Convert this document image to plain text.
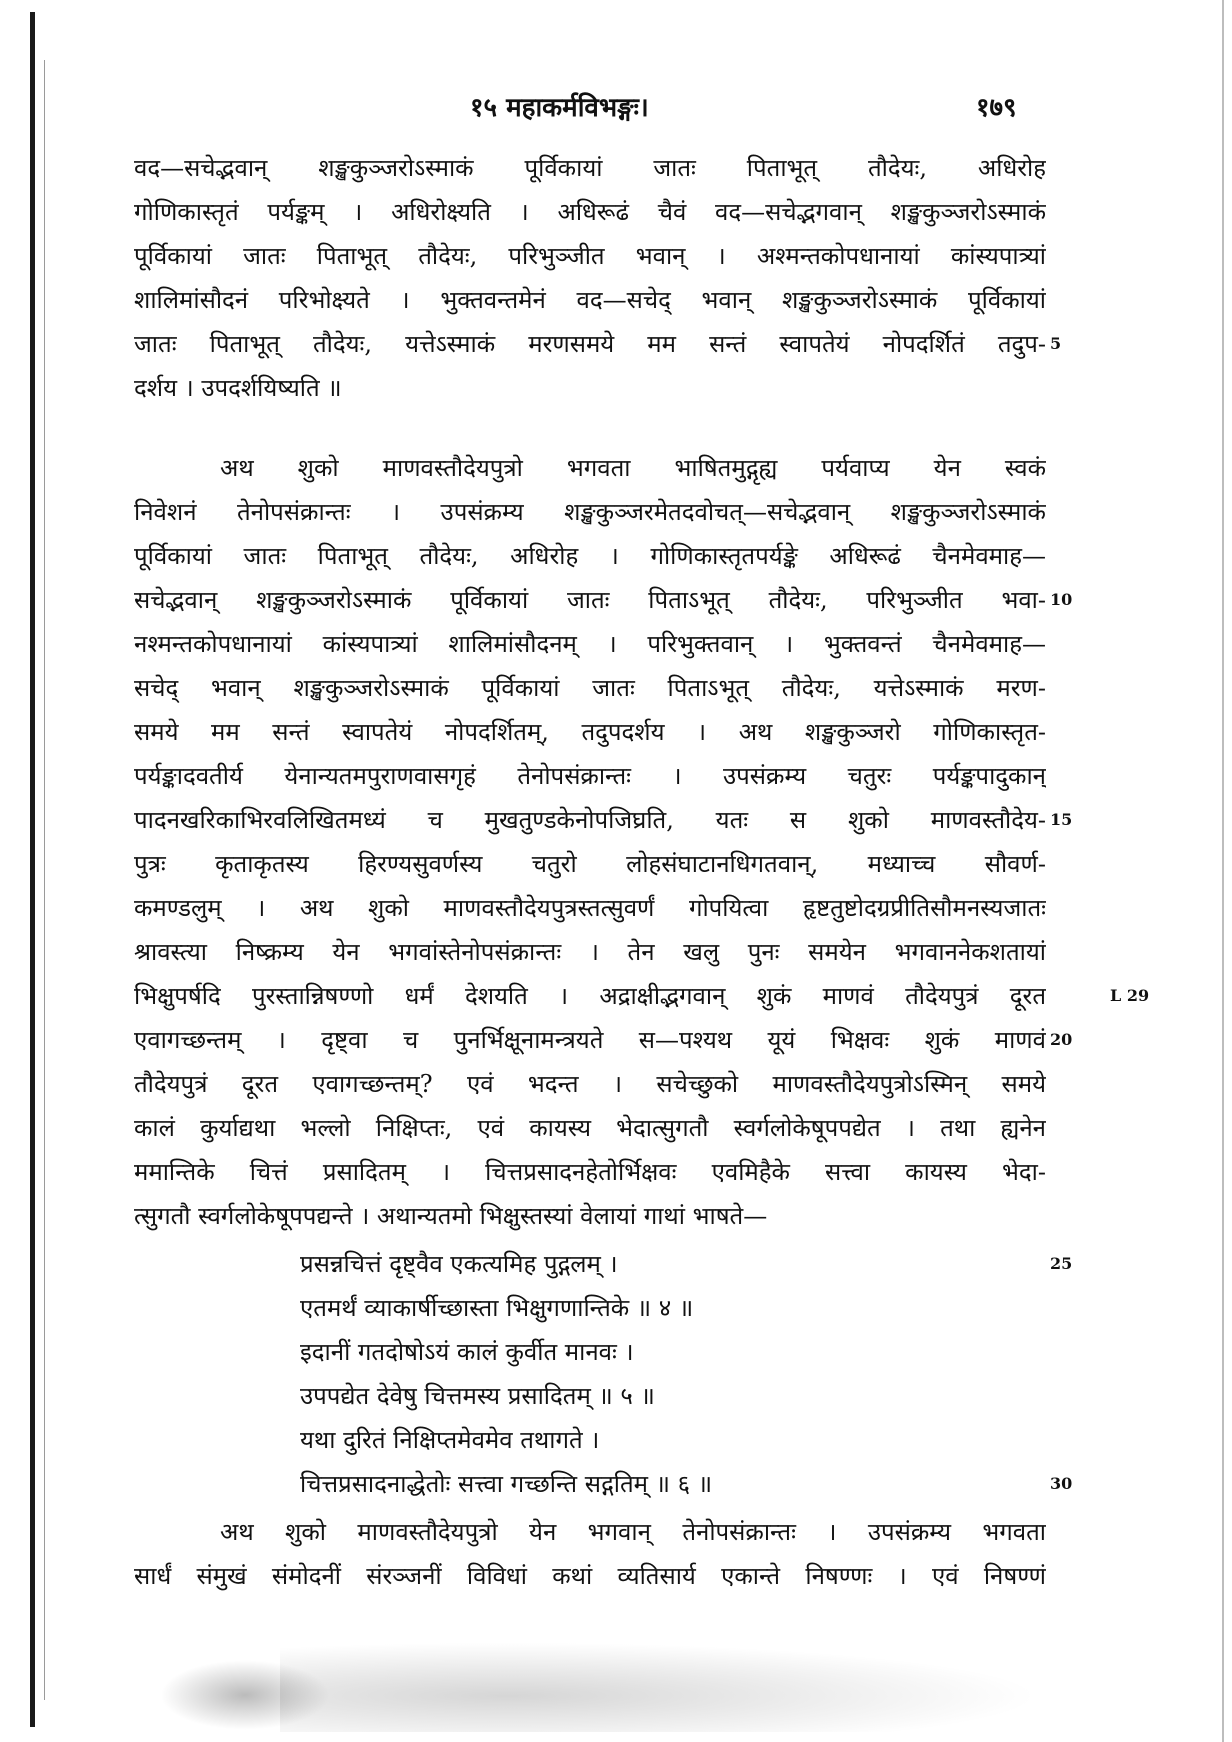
१५ महाकर्मविभङ्गः।	१७९
वद—सचेद्भवान् शङ्खकुञ्जरोऽस्माकं पूर्विकायां जातः पिताभूत् तौदेयः, अधिरोह
गोणिकास्तृतं पर्यङ्कम् । अधिरोक्ष्यति । अधिरूढं चैवं वद—सचेद्भगवान् शङ्खकुञ्जरोऽस्माकं
पूर्विकायां जातः पिताभूत् तौदेयः, परिभुञ्जीत भवान् । अश्मन्तकोपधानायां कांस्यपात्र्यां
शालिमांसौदनं परिभोक्ष्यते । भुक्तवन्तमेनं वद—सचेद् भवान् शङ्खकुञ्जरोऽस्माकं पूर्विकायां
जातः पिताभूत् तौदेयः, यत्तेऽस्माकं मरणसमये मम सन्तं स्वापतेयं नोपदर्शितं तदुप-
दर्शय । उपदर्शयिष्यति ॥
5
अथ शुको माणवस्तौदेयपुत्रो भगवता भाषितमुद्गृह्य पर्यवाप्य येन स्वकं
निवेशनं तेनोपसंक्रान्तः । उपसंक्रम्य शङ्खकुञ्जरमेतदवोचत्—सचेद्भवान् शङ्खकुञ्जरोऽस्माकं
पूर्विकायां जातः पिताभूत् तौदेयः, अधिरोह । गोणिकास्तृतपर्यङ्के अधिरूढं चैनमेवमाह—
सचेद्भवान् शङ्खकुञ्जरोऽस्माकं पूर्विकायां जातः पिताऽभूत् तौदेयः, परिभुञ्जीत भवा-
नश्मन्तकोपधानायां कांस्यपात्र्यां शालिमांसौदनम् । परिभुक्तवान् । भुक्तवन्तं चैनमेवमाह—
सचेद् भवान् शङ्खकुञ्जरोऽस्माकं पूर्विकायां जातः पिताऽभूत् तौदेयः, यत्तेऽस्माकं मरण-
समये मम सन्तं स्वापतेयं नोपदर्शितम्, तदुपदर्शय । अथ शङ्खकुञ्जरो गोणिकास्तृत-
पर्यङ्कादवतीर्य येनान्यतमपुराणवासगृहं तेनोपसंक्रान्तः । उपसंक्रम्य चतुरः पर्यङ्कपादुकान्
पादनखरिकाभिरवलिखितमध्यं च मुखतुण्डकेनोपजिघ्रति, यतः स शुको माणवस्तौदेय-
पुत्रः कृताकृतस्य हिरण्यसुवर्णस्य चतुरो लोहसंघाटानधिगतवान्, मध्याच्च सौवर्ण-
कमण्डलुम् । अथ शुको माणवस्तौदेयपुत्रस्तत्सुवर्णं गोपयित्वा हृष्टतुष्टोदग्रप्रीतिसौमनस्यजातः
श्रावस्त्या निष्क्रम्य येन भगवांस्तेनोपसंक्रान्तः । तेन खलु पुनः समयेन भगवाननेकशतायां
भिक्षुपर्षदि पुरस्तान्निषण्णो धर्मं देशयति । अद्राक्षीद्भगवान् शुकं माणवं तौदेयपुत्रं दूरत
एवागच्छन्तम् । दृष्ट्वा च पुनर्भिक्षूनामन्त्रयते स—पश्यथ यूयं भिक्षवः शुकं माणवं
तौदेयपुत्रं दूरत एवागच्छन्तम्? एवं भदन्त । सचेच्छुको माणवस्तौदेयपुत्रोऽस्मिन् समये
कालं कुर्याद्यथा भल्लो निक्षिप्तः, एवं कायस्य भेदात्सुगतौ स्वर्गलोकेषूपपद्येत । तथा ह्यनेन
ममान्तिके चित्तं प्रसादितम् । चित्तप्रसादनहेतोर्भिक्षवः एवमिहैके सत्त्वा कायस्य भेदा-
त्सुगतौ स्वर्गलोकेषूपपद्यन्ते । अथान्यतमो भिक्षुस्तस्यां वेलायां गाथां भाषते—
10
15
20
L 29
प्रसन्नचित्तं दृष्ट्वैव एकत्यमिह पुद्गलम् ।
एतमर्थं व्याकार्षीच्छास्ता भिक्षुगणान्तिके ॥ ४ ॥
इदानीं गतदोषोऽयं कालं कुर्वीत मानवः ।
उपपद्येत देवेषु चित्तमस्य प्रसादितम् ॥ ५ ॥
यथा दुरितं निक्षिप्तमेवमेव तथागते ।
चित्तप्रसादनाद्धेतोः सत्त्वा गच्छन्ति सद्गतिम् ॥ ६ ॥
25
30
अथ शुको माणवस्तौदेयपुत्रो येन भगवान् तेनोपसंक्रान्तः । उपसंक्रम्य भगवता
सार्धं संमुखं संमोदनीं संरञ्जनीं विविधां कथां व्यतिसार्य एकान्ते निषण्णः । एवं निषण्णं
